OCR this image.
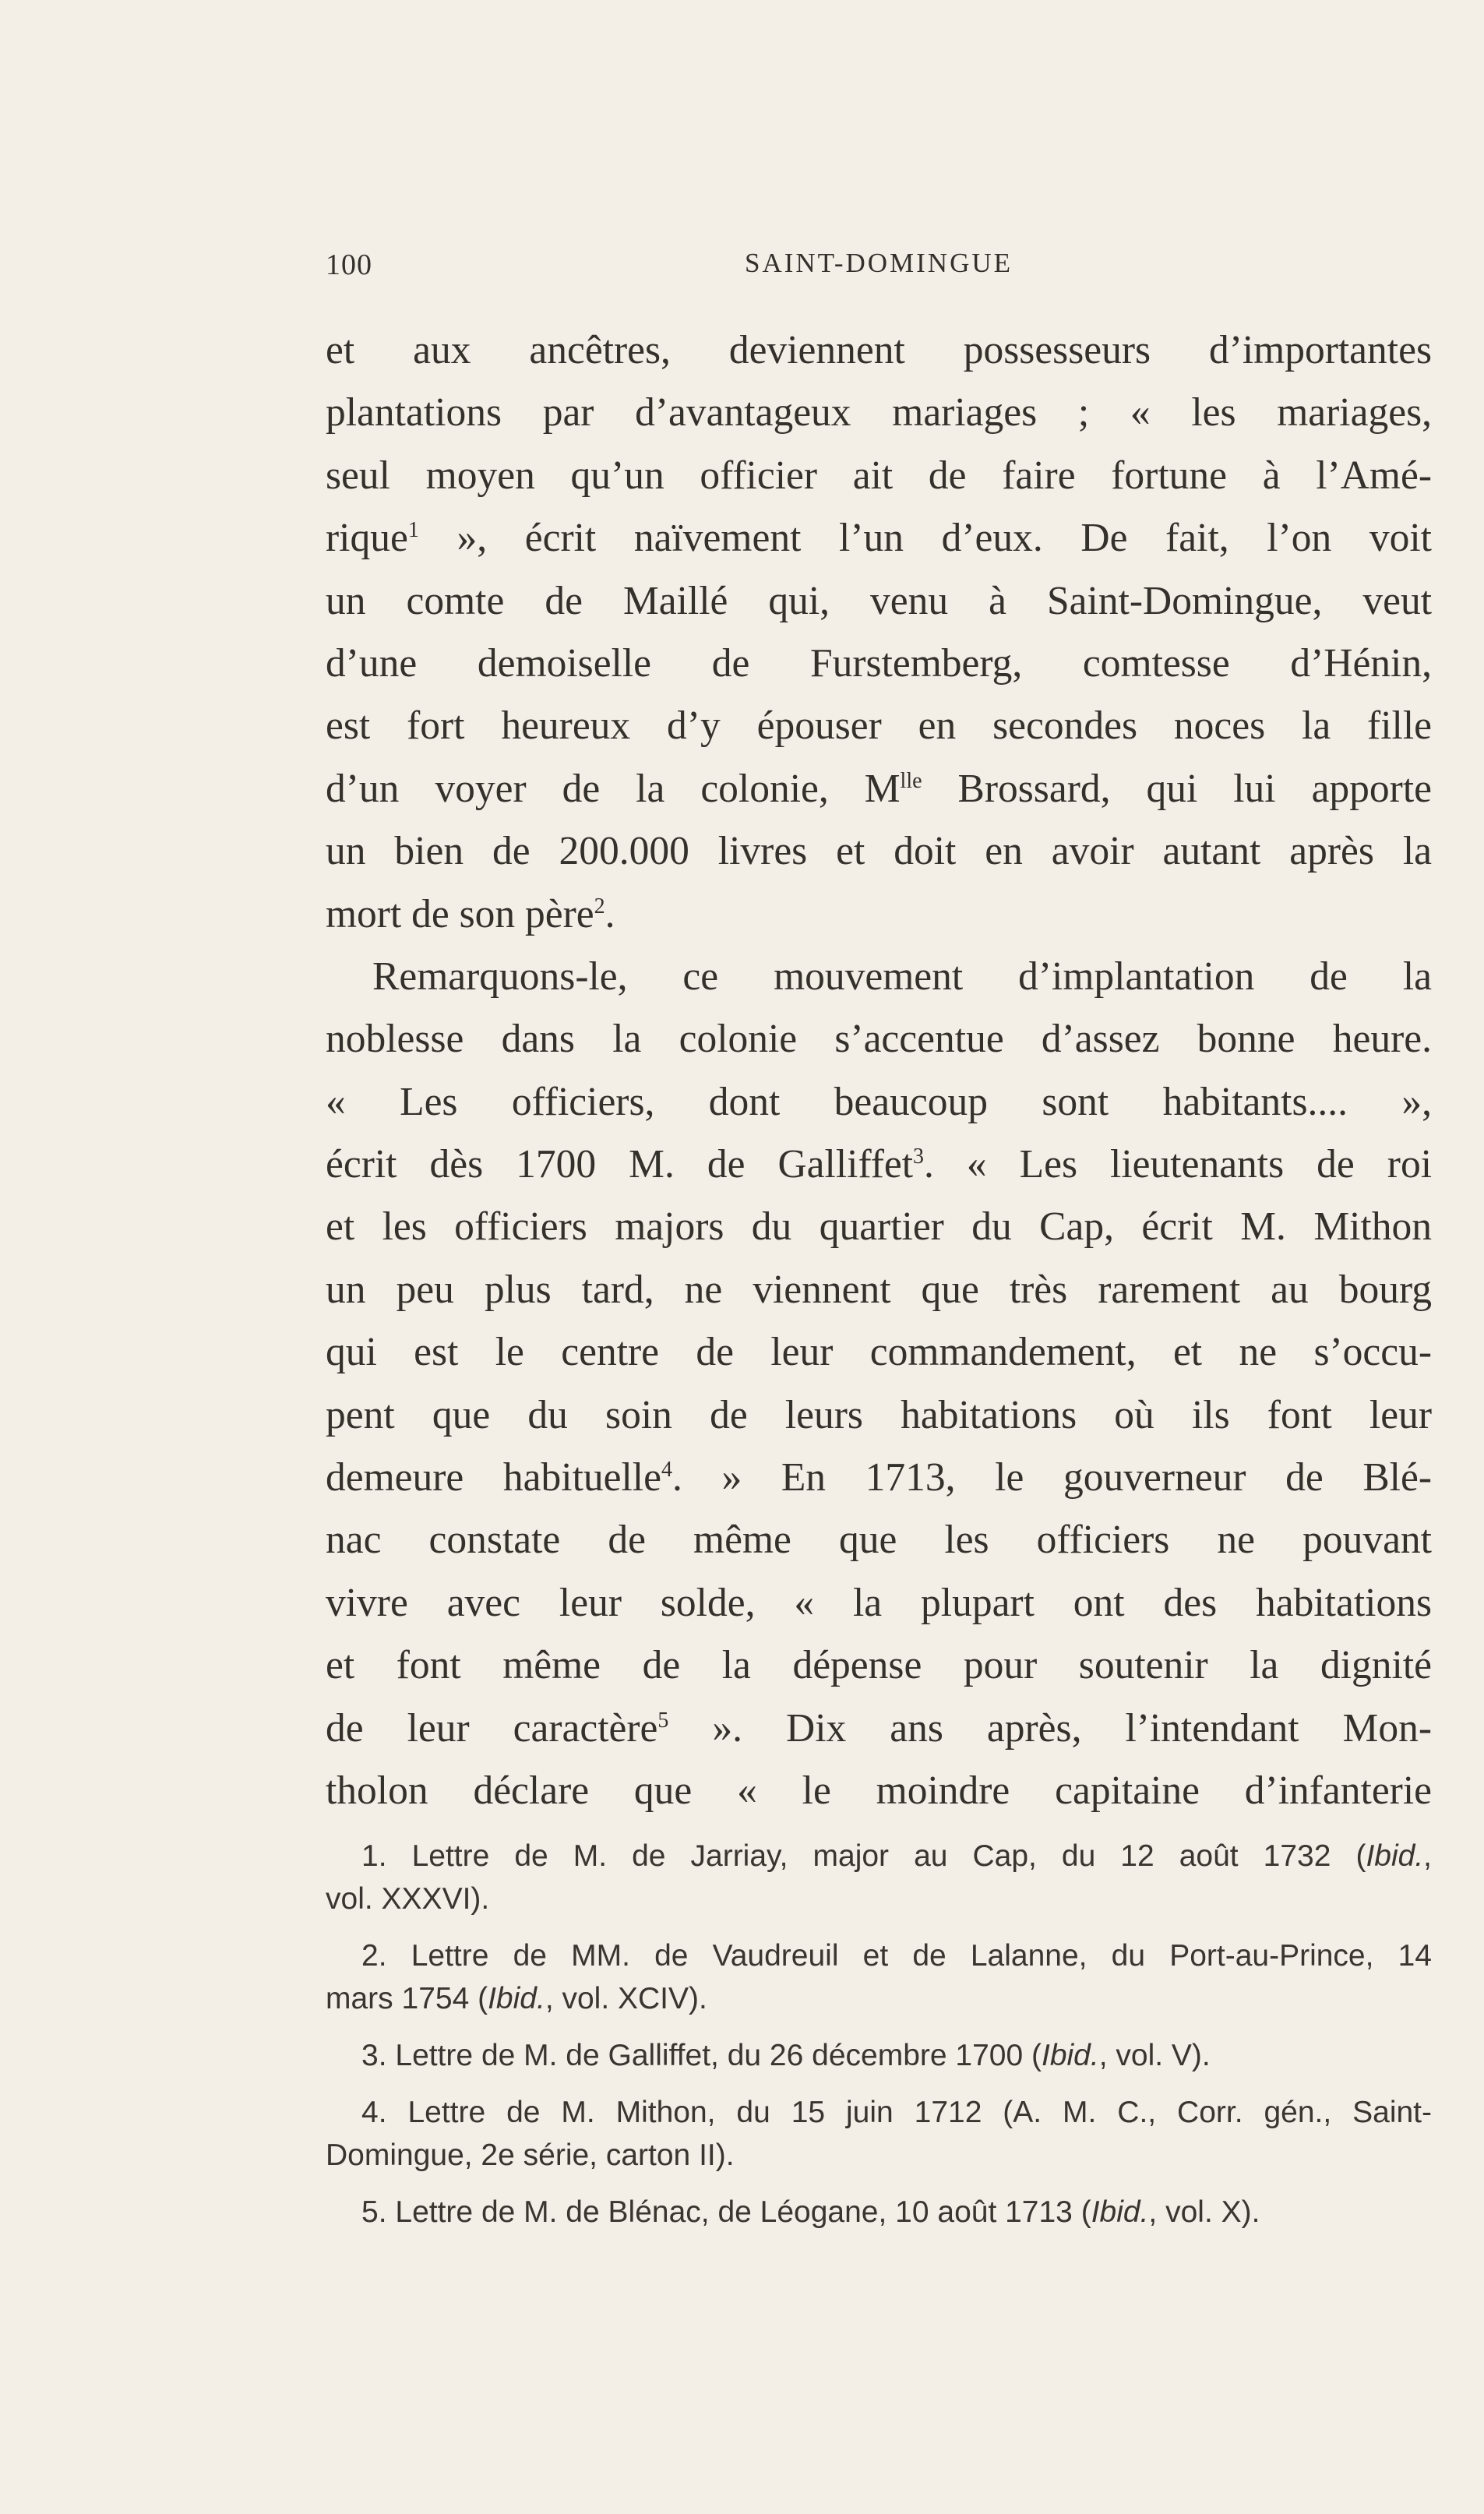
100	SAINT-DOMINGUE
et aux ancêtres, deviennent possesseurs d’importantes
plantations par d’avantageux mariages ; « les mariages,
seul moyen qu’un officier ait de faire fortune à l’Amé-
rique$^1$ », écrit naïvement l’un d’eux. De fait, l’on voit
un comte de Maillé qui, venu à Saint-Domingue, veut
d’une demoiselle de Furstemberg, comtesse d’Hénin,
est fort heureux d’y épouser en secondes noces la fille
d’un voyer de la colonie, $M^{lle}$ Brossard, qui lui apporte
un bien de 200.000 livres et doit en avoir autant après la
mort de son père$^2$.
Remarquons-le, ce mouvement d’implantation de la
noblesse dans la colonie s’accentue d’assez bonne heure.
« Les officiers, dont beaucoup sont habitants.... »,
écrit dès 1700 M. de Galliffet$^3$. « Les lieutenants de roi
et les officiers majors du quartier du Cap, écrit M. Mithon
un peu plus tard, ne viennent que très rarement au bourg
qui est le centre de leur commandement, et ne s’occu-
pent que du soin de leurs habitations où ils font leur
demeure habituelle$^4$. » En 1713, le gouverneur de Blé-
nac constate de même que les officiers ne pouvant
vivre avec leur solde, « la plupart ont des habitations
et font même de la dépense pour soutenir la dignité
de leur caractère$^5$ ». Dix ans après, l’intendant Mon-
tholon déclare que « le moindre capitaine d’infanterie
1. Lettre de M. de Jarriay, major au Cap, du 12 août 1732 (Ibid.,
vol. XXXVI).
2. Lettre de MM. de Vaudreuil et de Lalanne, du Port-au-Prince, 14
mars 1754 (Ibid., vol. XCIV).
3. Lettre de M. de Galliffet, du 26 décembre 1700 (Ibid., vol. V).
4. Lettre de M. Mithon, du 15 juin 1712 (A. M. C., Corr. gén., Saint-
Domingue, 2e série, carton II).
5. Lettre de M. de Blénac, de Léogane, 10 août 1713 (Ibid., vol. X).
